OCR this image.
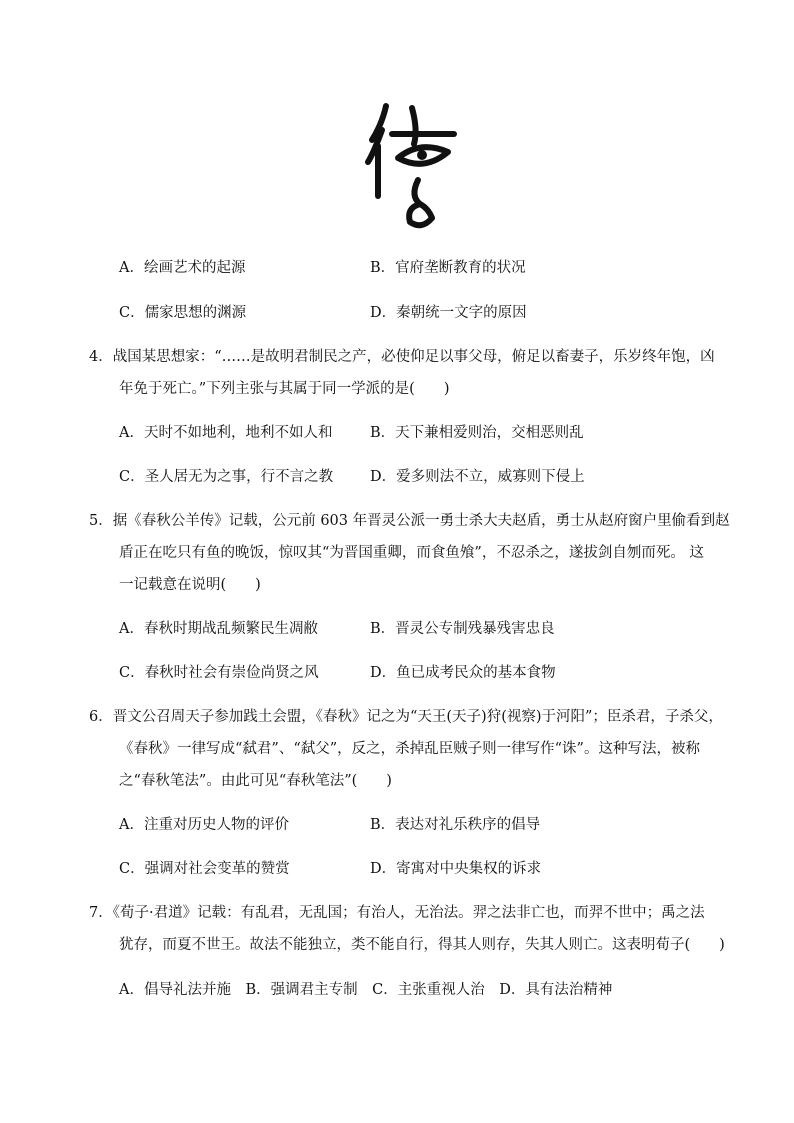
A．绘画艺术的起源	B．官府垄断教育的状况
C．儒家思想的渊源	D．秦朝统一文字的原因
4．战国某思想家：“……是故明君制民之产，必使仰足以事父母，俯足以畜妻子，乐岁终年饱，凶
年免于死亡。”下列主张与其属于同一学派的是(　　)
A．天时不如地利，地利不如人和	B．天下兼相爱则治，交相恶则乱
C．圣人居无为之事，行不言之教	D．爱多则法不立，威寡则下侵上
5．据《春秋公羊传》记载，公元前 603 年晋灵公派一勇士杀大夫赵盾，勇士从赵府窗户里偷看到赵
盾正在吃只有鱼的晚饭，惊叹其“为晋国重卿，而食鱼飧”，不忍杀之，遂拔剑自刎而死。 这
一记载意在说明(　　)
A．春秋时期战乱频繁民生凋敝	B．晋灵公专制残暴残害忠良
C．春秋时社会有崇俭尚贤之风	D．鱼已成考民众的基本食物
6．晋文公召周天子参加践土会盟，《春秋》记之为“天王(天子)狩(视察)于河阳”；臣杀君，子杀父，
《春秋》一律写成“弑君”、“弑父”，反之，杀掉乱臣贼子则一律写作“诛”。这种写法，被称
之“春秋笔法”。由此可见“春秋笔法”(　　)
A．注重对历史人物的评价	B．表达对礼乐秩序的倡导
C．强调对社会变革的赞赏	D．寄寓对中央集权的诉求
7．《荀子·君道》记载：有乱君，无乱国；有治人，无治法。羿之法非亡也，而羿不世中；禹之法
犹存，而夏不世王。故法不能独立，类不能自行，得其人则存，失其人则亡。这表明荀子(　　)
A．倡导礼法并施　B．强调君主专制　C．主张重视人治　D．具有法治精神
